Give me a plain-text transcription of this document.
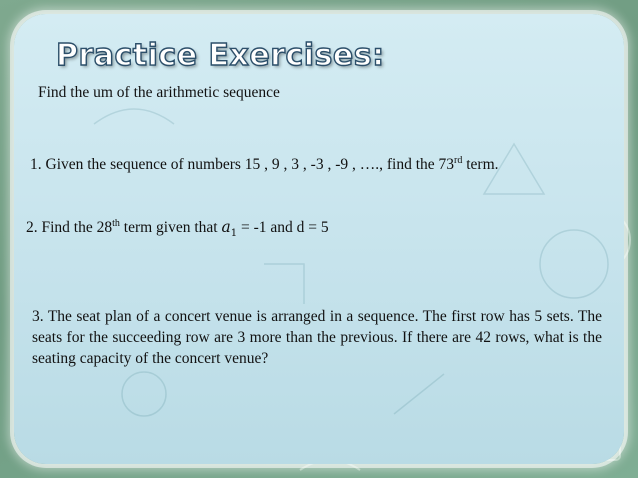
Practice Exercises:

Find the um of the arithmetic sequence

1. Given the sequence of numbers 15 , 9 , 3 , -3 , -9 , …., find the 73rd term.

2. Find the 28th term given that $a_1 = -1$ and d = 5

3. The seat plan of a concert venue is arranged in a sequence. The first row has 5 sets. The seats for the succeeding row are 3 more than the previous. If there are 42 rows, what is the seating capacity of the concert venue?
